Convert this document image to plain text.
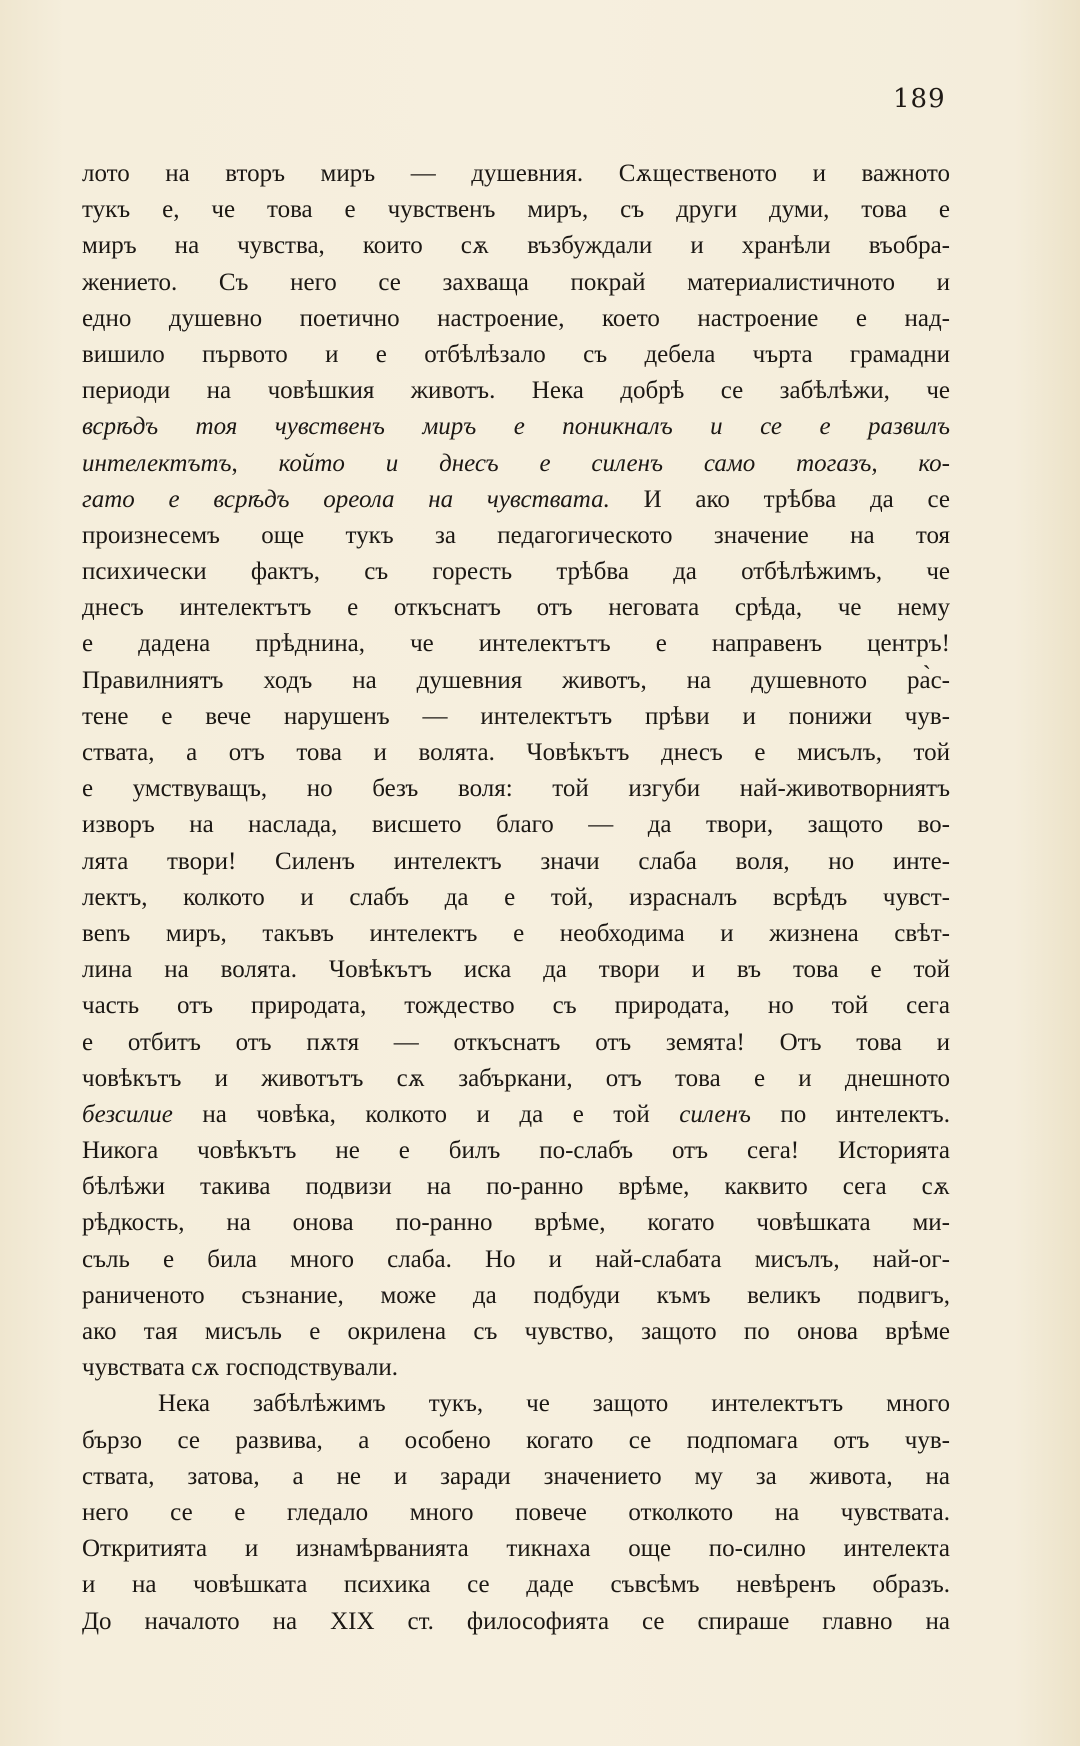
189
лото на вторъ миръ — душевния. Сѫщественото и важното
тукъ е, че това е чувственъ миръ, съ други думи, това е
миръ на чувства, които сѫ възбуждали и хранѣли въобра-
жението. Съ него се захваща покрай материалистичното и
едно душевно поетично настроение, което настроение е над-
вишило първото и е отбѣлѣзало съ дебела чърта грамадни
периоди на човѣшкия животъ. Нека добрѣ се забѣлѣжи, че
всрѣдъ тоя чувственъ миръ е поникналъ и се е развилъ
интелектътъ, който и днесъ е силенъ само тогазъ, ко-
гато е всрѣдъ ореола на чувствата. И ако трѣбва да се
произнесемъ още тукъ за педагогическото значение на тоя
психически фактъ, съ горесть трѣбва да отбѣлѣжимъ, че
днесъ интелектътъ е откъснатъ отъ неговата срѣда, че нему
е дадена прѣднина, че интелектътъ е направенъ центръ!
Правилниятъ ходъ на душевния животъ, на душевното ра̀с-
тене е вече нарушенъ — интелектътъ прѣви и понижи чув-
ствата, а отъ това и волята. Човѣкътъ днесъ е мисълъ, той
е умствуващъ, но безъ воля: той изгуби най-животворниятъ
изворъ на наслада, висшето благо — да твори, защото во-
лята твори! Силенъ интелектъ значи слаба воля, но инте-
лектъ, колкото и слабъ да е той, израсналъ всрѣдъ чувст-
вenъ миръ, такъвъ интелектъ е необходима и жизнена свѣт-
лина на волята. Човѣкътъ иска да твори и въ това е той
часть отъ природата, тождество съ природата, но той сега
е отбитъ отъ пѫтя — откъснатъ отъ земята! Отъ това и
човѣкътъ и животътъ сѫ забъркани, отъ това е и днешното
безсилие на човѣка, колкото и да е той силенъ по интелектъ.
Никога човѣкътъ не е билъ по-слабъ отъ сега! Историята
бѣлѣжи такива подвизи на по-ранно врѣме, каквито сега сѫ
рѣдкость, на онова по-ранно врѣме, когато човѣшката ми-
съль е била много слаба. Но и най-слабата мисълъ, най-ог-
раниченото съзнание, може да подбуди къмъ великъ подвигъ,
ако тая мисъль е окрилена съ чувство, защото по онова врѣме
чувствата сѫ господствували.
Нека забѣлѣжимъ тукъ, че защото интелектътъ много
бързо се развива, а особено когато се подпомага отъ чув-
ствата, затова, а не и заради значението му за живота, на
него се е гледало много повече отколкото на чувствата.
Откритията и изнамѣрванията тикнаха още по-силно интелекта
и на човѣшката психика се даде съвсѣмъ невѣренъ образъ.
До началото на XIX ст. философията се спираше главно на
